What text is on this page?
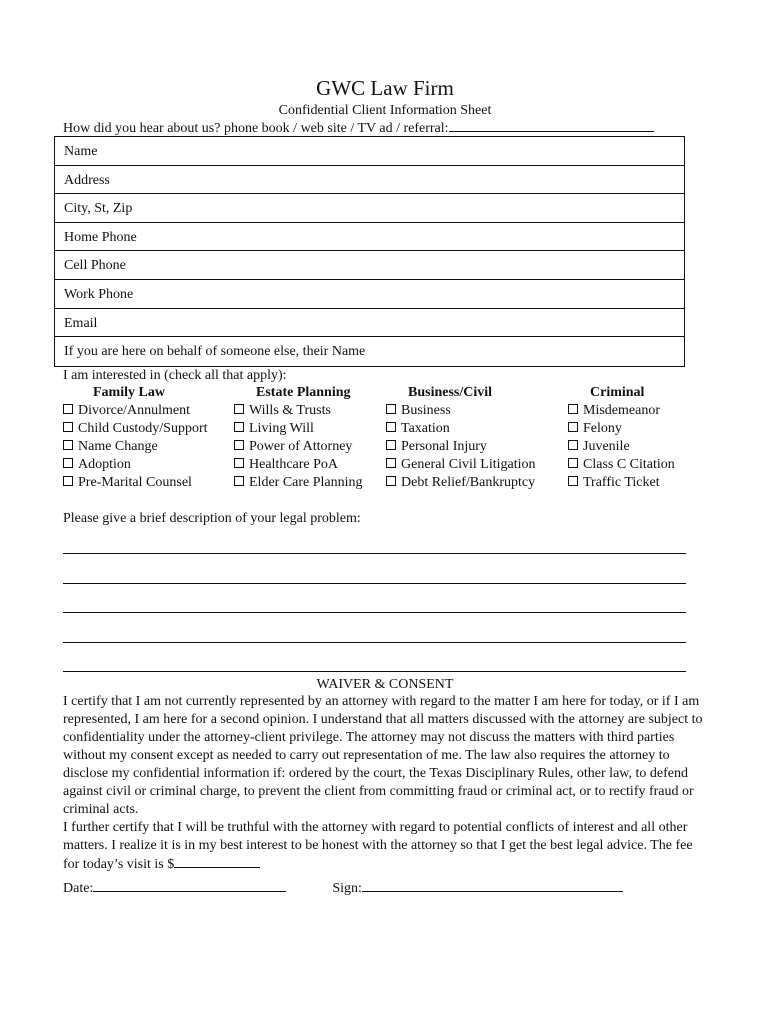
GWC Law Firm
Confidential Client Information Sheet
How did you hear about us? phone book / web site / TV ad / referral:
Name
Address
City, St, Zip
Home Phone
Cell Phone
Work Phone
Email
If you are here on behalf of someone else, their Name
I am interested in (check all that apply):
Family Law
Divorce/Annulment
Child Custody/Support
Name Change
Adoption
Pre-Marital Counsel
Estate Planning
Wills & Trusts
Living Will
Power of Attorney
Healthcare PoA
Elder Care Planning
Business/Civil
Business
Taxation
Personal Injury
General Civil Litigation
Debt Relief/Bankruptcy
Criminal
Misdemeanor
Felony
Juvenile
Class C Citation
Traffic Ticket
Please give a brief description of your legal problem:
WAIVER & CONSENT

I certify that I am not currently represented by an attorney with regard to the matter I am here for today, or if I am represented, I am here for a second opinion. I understand that all matters discussed with the attorney are subject to confidentiality under the attorney-client privilege. The attorney may not discuss the matters with third parties without my consent except as needed to carry out representation of me. The law also requires the attorney to disclose my confidential information if: ordered by the court, the Texas Disciplinary Rules, other law, to defend against civil or criminal charge, to prevent the client from committing fraud or criminal act, or to rectify fraud or criminal acts.

I further certify that I will be truthful with the attorney with regard to potential conflicts of interest and all other matters. I realize it is in my best interest to be honest with the attorney so that I get the best legal advice. The fee for today’s visit is $

Date:	Sign:
